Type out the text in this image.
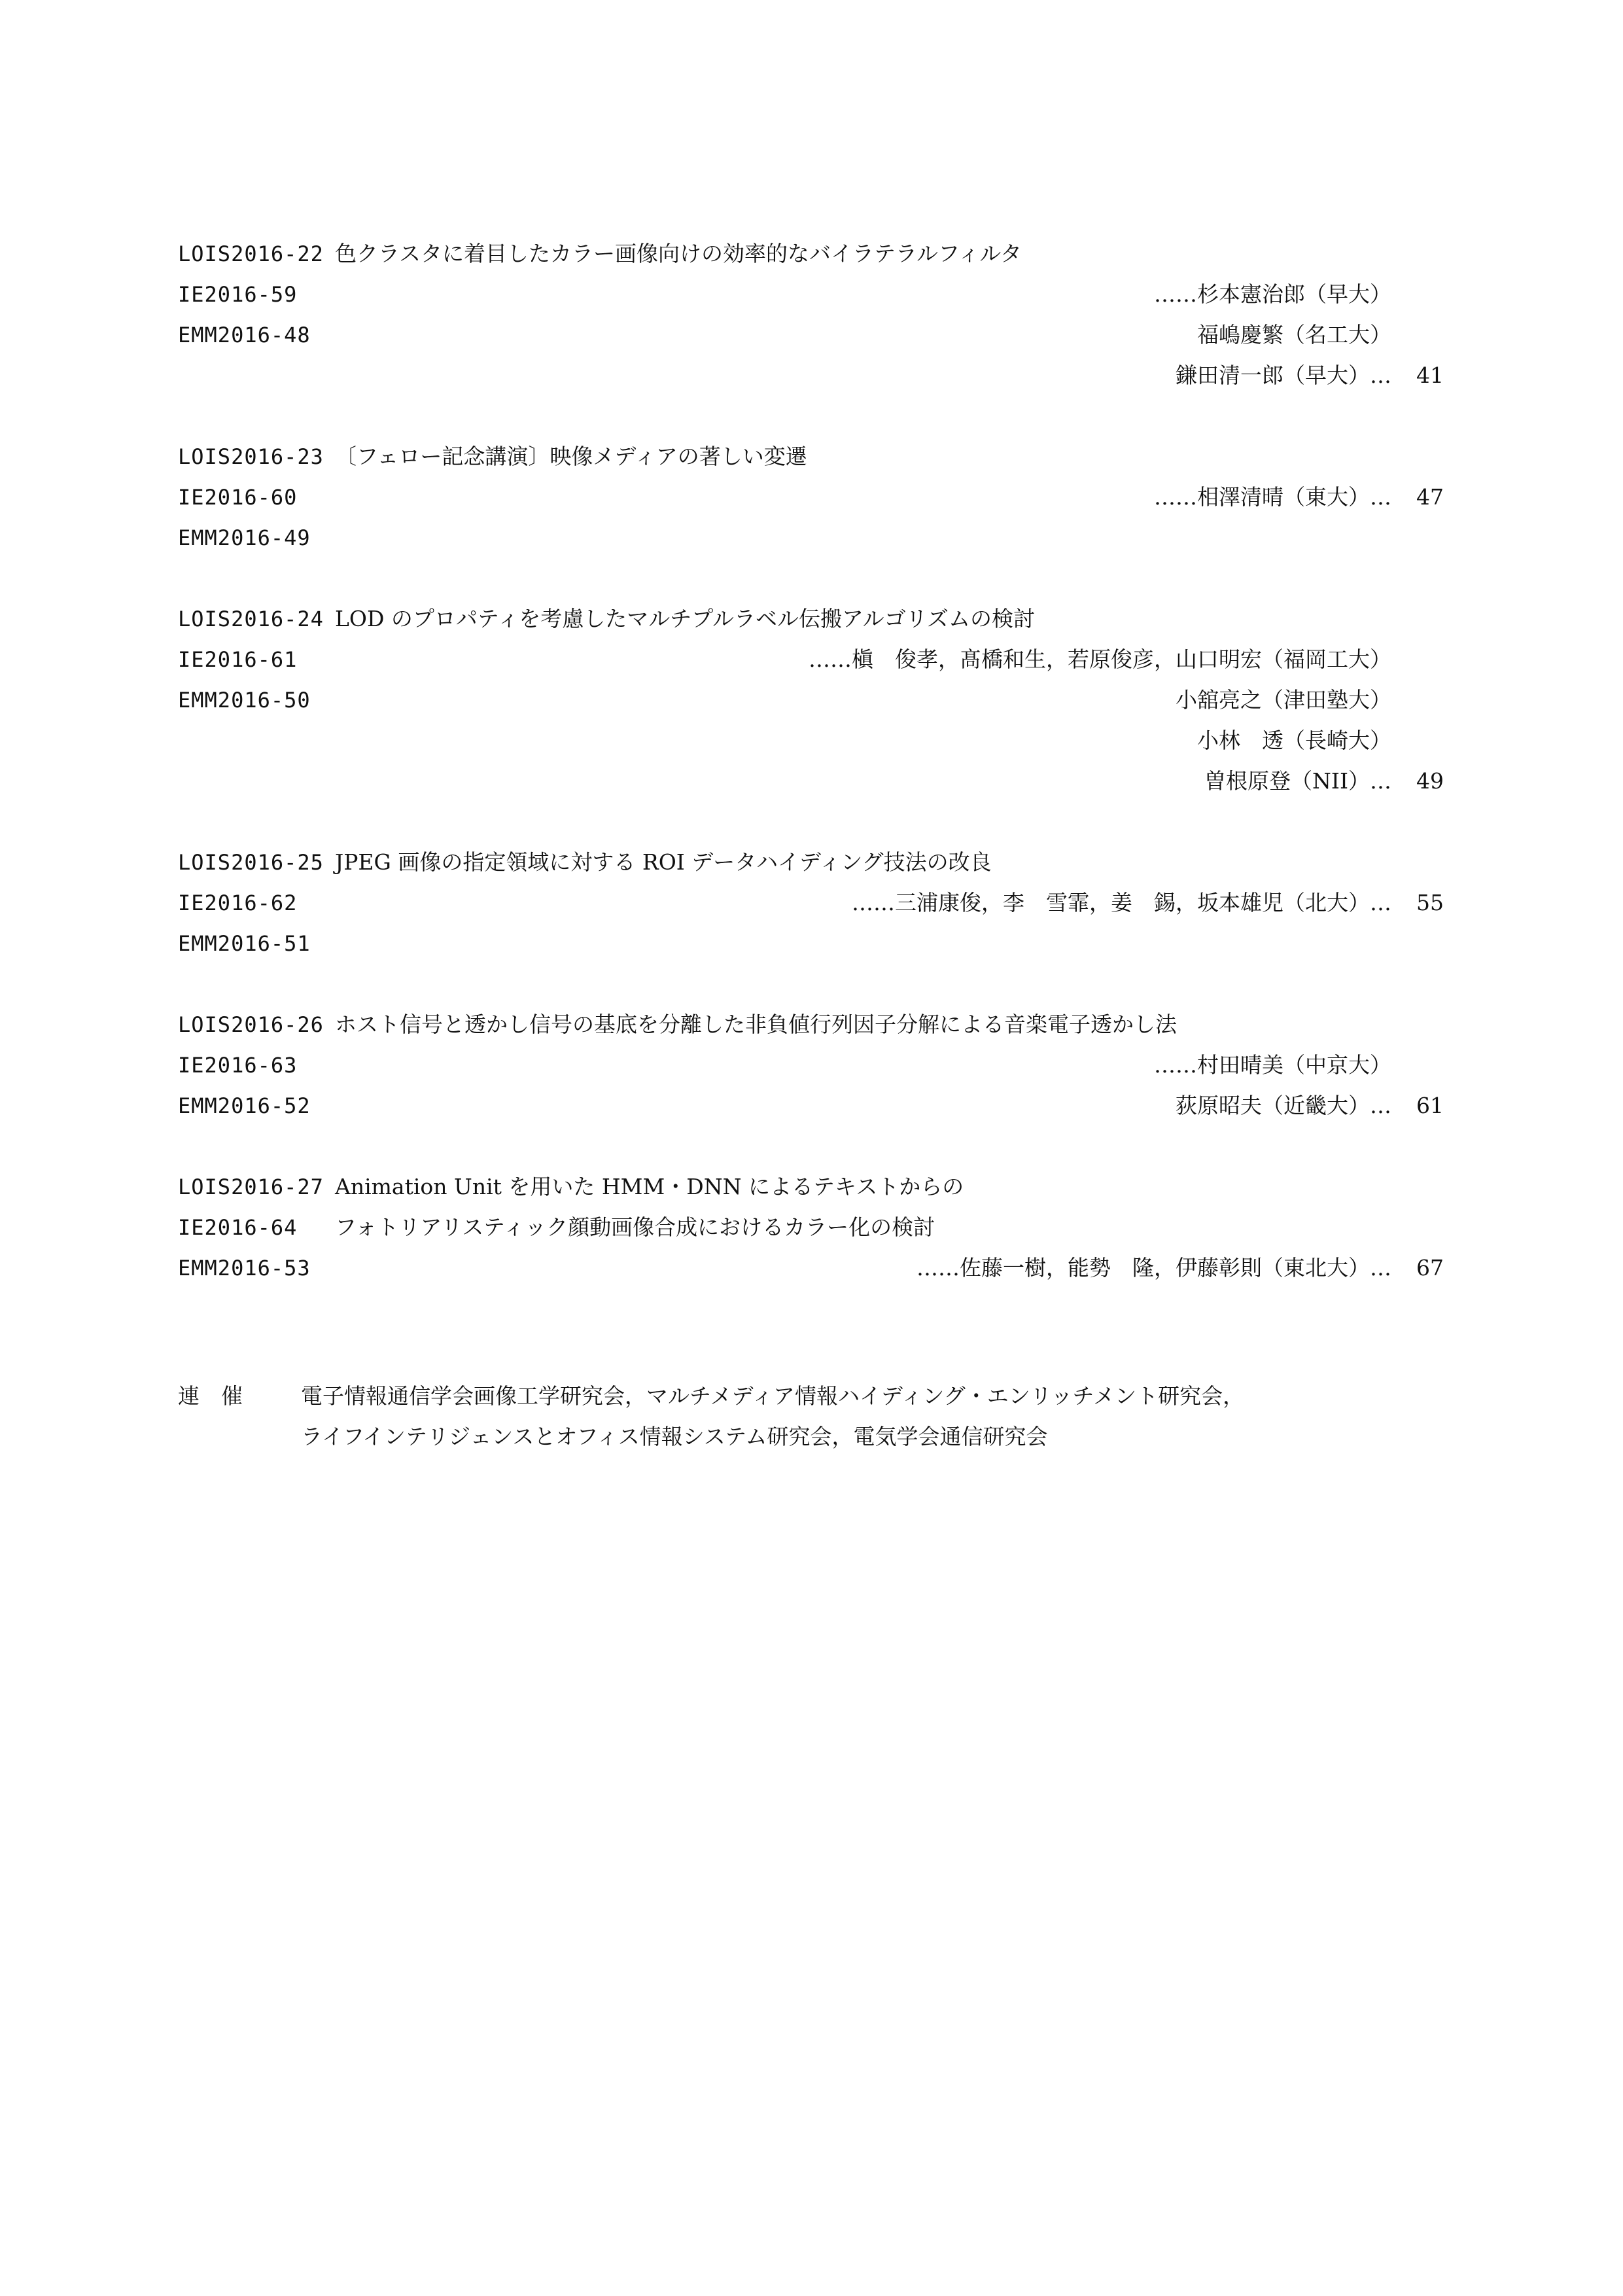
LOIS2016-22 色クラスタに着目したカラー画像向けの効率的なバイラテラルフィルタ
IE2016-59	……杉本憲治郎（早大）
EMM2016-48	福嶋慶繁（名工大）
鎌田清一郎（早大）…	41
LOIS2016-23 〔フェロー記念講演〕映像メディアの著しい変遷
IE2016-60	……相澤清晴（東大）…	47
EMM2016-49
LOIS2016-24 LOD のプロパティを考慮したマルチプルラベル伝搬アルゴリズムの検討
IE2016-61	……槇　俊孝，髙橋和生，若原俊彦，山口明宏（福岡工大）
EMM2016-50	小舘亮之（津田塾大）
小林　透（長崎大）
曽根原登（NII）…	49
LOIS2016-25 JPEG 画像の指定領域に対する ROI データハイディング技法の改良
IE2016-62	……三浦康俊，李　雪霏，姜　錫，坂本雄児（北大）…	55
EMM2016-51
LOIS2016-26 ホスト信号と透かし信号の基底を分離した非負値行列因子分解による音楽電子透かし法
IE2016-63	……村田晴美（中京大）
EMM2016-52	荻原昭夫（近畿大）…	61
LOIS2016-27 Animation Unit を用いた HMM・DNN によるテキストからの
IE2016-64	フォトリアリスティック顔動画像合成におけるカラー化の検討
EMM2016-53	……佐藤一樹，能勢　隆，伊藤彰則（東北大）…	67
連　催	電子情報通信学会画像工学研究会，マルチメディア情報ハイディング・エンリッチメント研究会，
ライフインテリジェンスとオフィス情報システム研究会，電気学会通信研究会
